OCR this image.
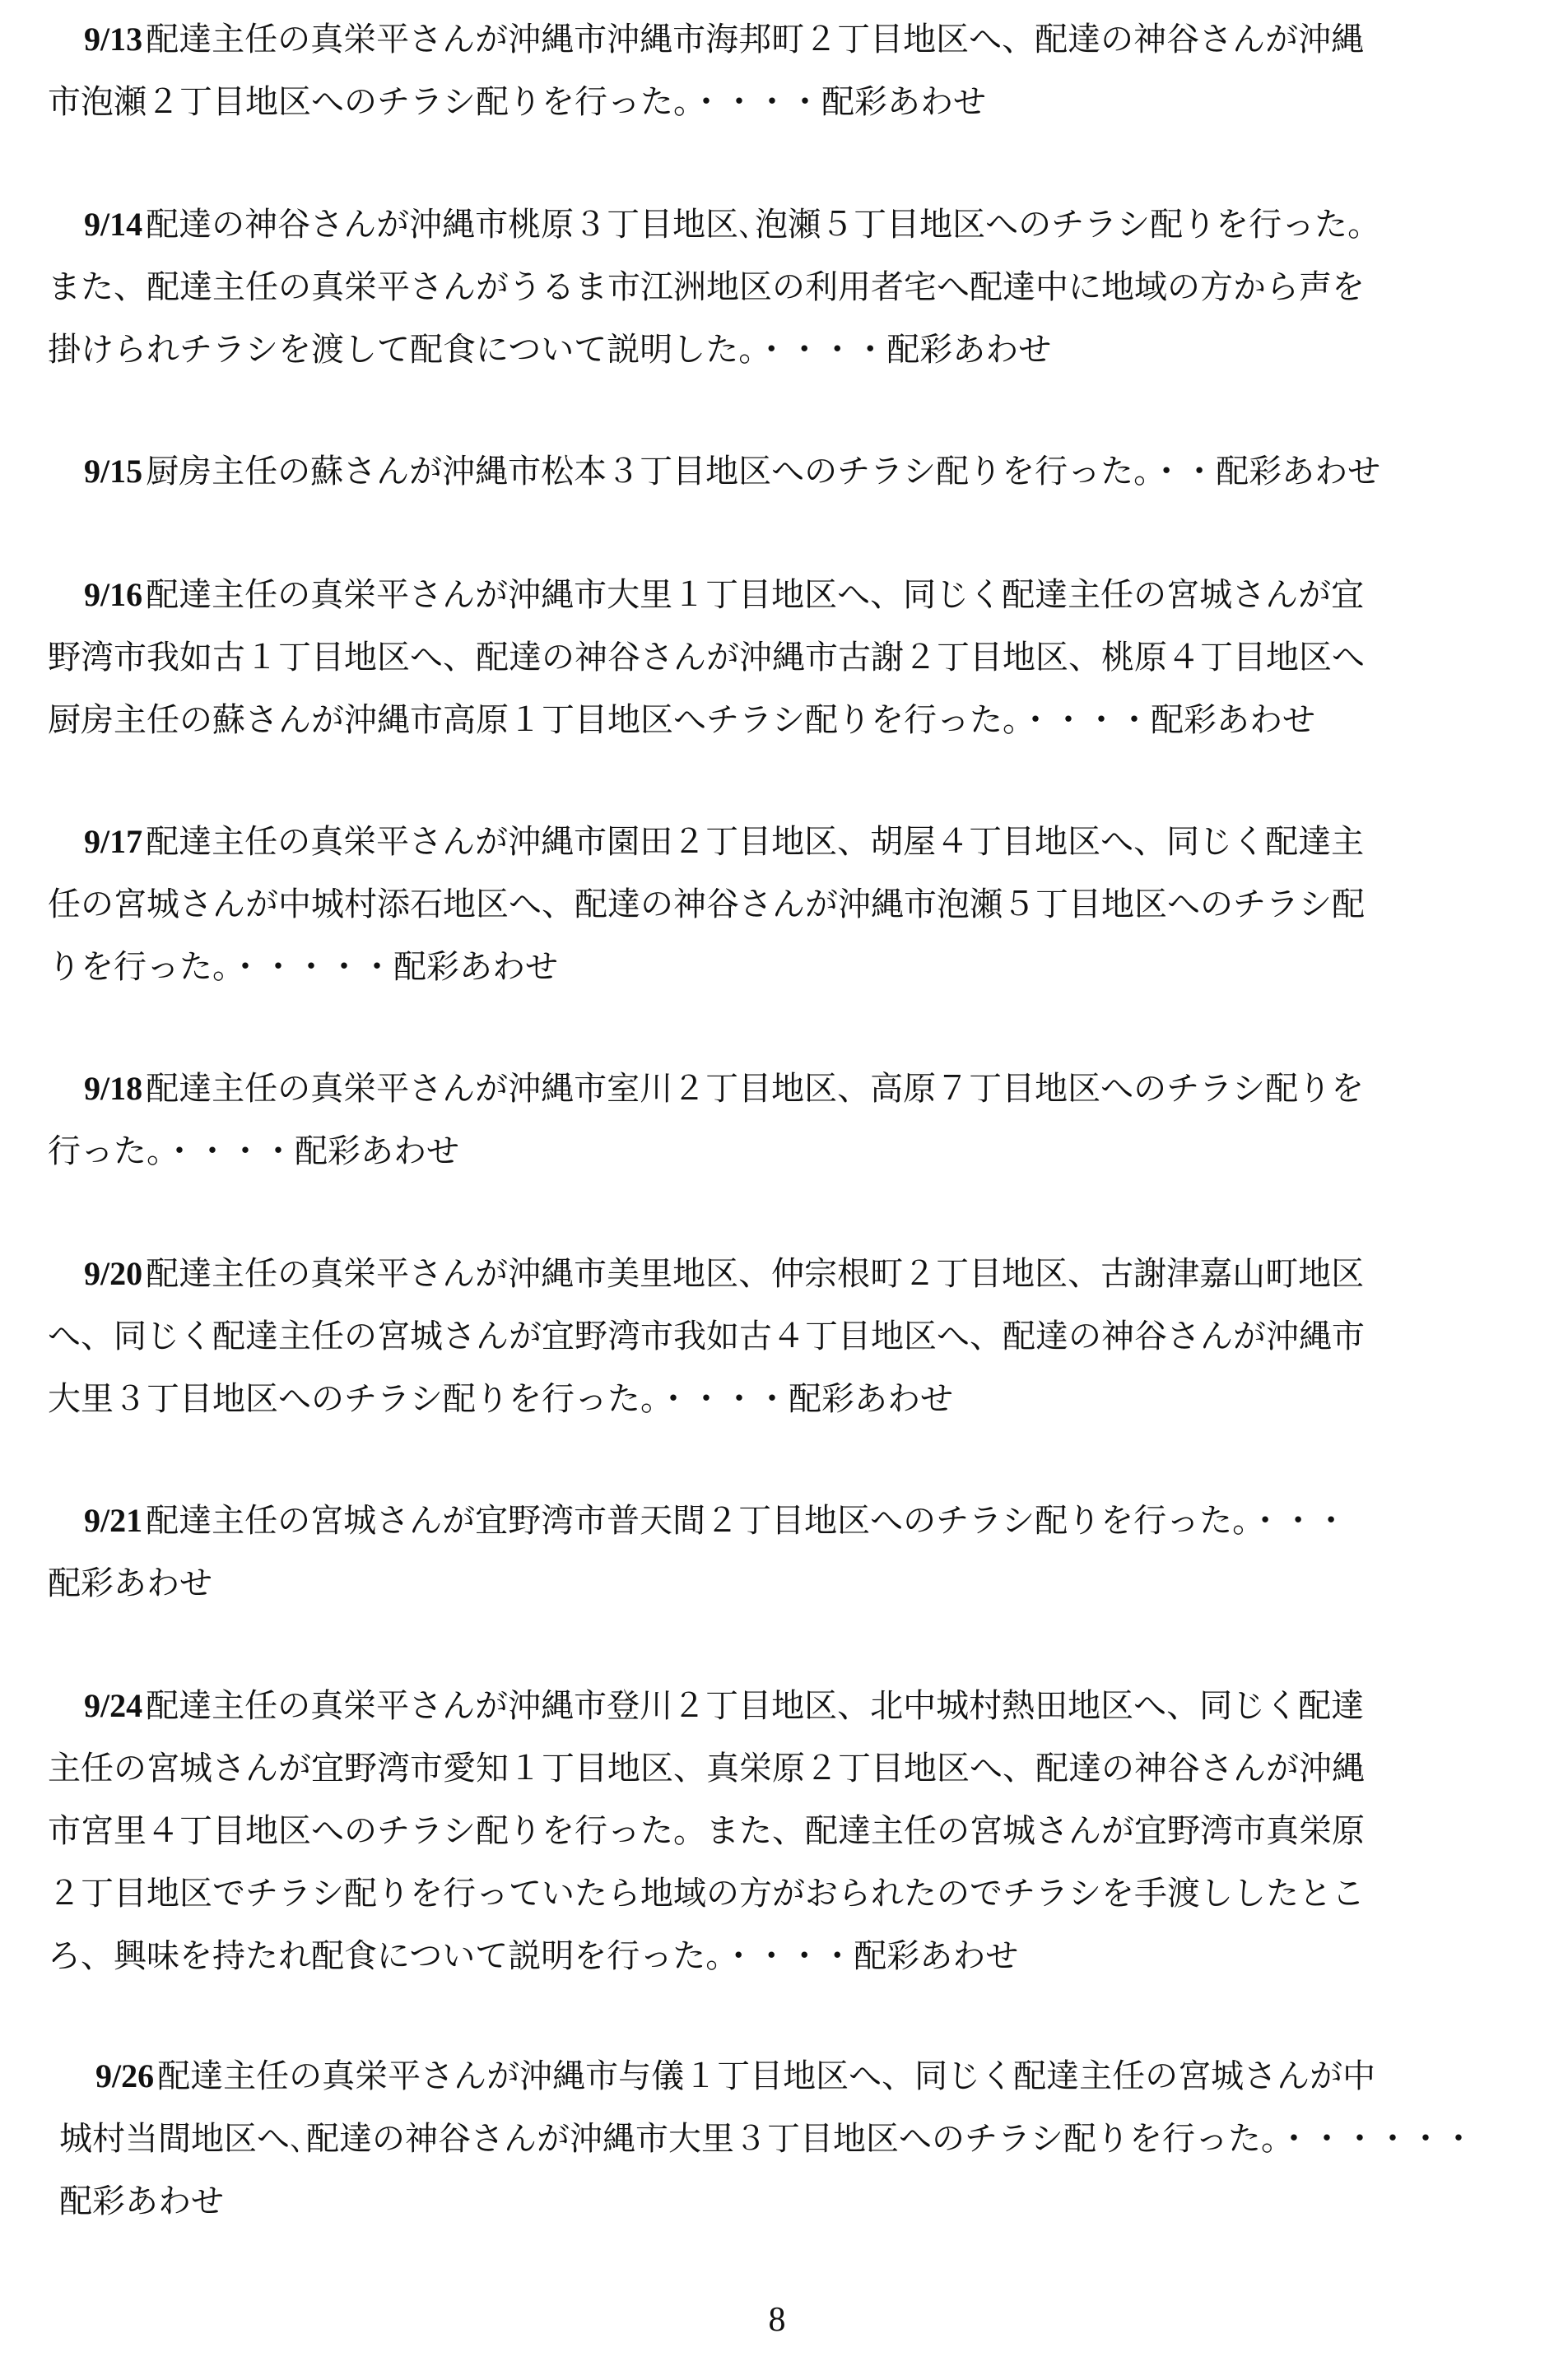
9/13 配達主任の真栄平さんが沖縄市沖縄市海邦町２丁目地区へ、配達の神谷さんが沖縄
市泡瀬２丁目地区へのチラシ配りを行った。・・・・配彩あわせ
9/14 配達の神谷さんが沖縄市桃原３丁目地区､泡瀬５丁目地区へのチラシ配りを行った。
また、配達主任の真栄平さんがうるま市江洲地区の利用者宅へ配達中に地域の方から声を
掛けられチラシを渡して配食について説明した。・・・・配彩あわせ
9/15 厨房主任の蘇さんが沖縄市松本３丁目地区へのチラシ配りを行った。・・配彩あわせ
9/16 配達主任の真栄平さんが沖縄市大里１丁目地区へ、同じく配達主任の宮城さんが宜
野湾市我如古１丁目地区へ、配達の神谷さんが沖縄市古謝２丁目地区、桃原４丁目地区へ
厨房主任の蘇さんが沖縄市高原１丁目地区へチラシ配りを行った。・・・・配彩あわせ
9/17 配達主任の真栄平さんが沖縄市園田２丁目地区、胡屋４丁目地区へ、同じく配達主
任の宮城さんが中城村添石地区へ、配達の神谷さんが沖縄市泡瀬５丁目地区へのチラシ配
りを行った。・・・・・配彩あわせ
9/18 配達主任の真栄平さんが沖縄市室川２丁目地区、高原７丁目地区へのチラシ配りを
行った。・・・・配彩あわせ
9/20 配達主任の真栄平さんが沖縄市美里地区、仲宗根町２丁目地区、古謝津嘉山町地区
へ、同じく配達主任の宮城さんが宜野湾市我如古４丁目地区へ、配達の神谷さんが沖縄市
大里３丁目地区へのチラシ配りを行った。・・・・配彩あわせ
9/21 配達主任の宮城さんが宜野湾市普天間２丁目地区へのチラシ配りを行った。・・・
配彩あわせ
9/24 配達主任の真栄平さんが沖縄市登川２丁目地区、北中城村熱田地区へ、同じく配達
主任の宮城さんが宜野湾市愛知１丁目地区、真栄原２丁目地区へ、配達の神谷さんが沖縄
市宮里４丁目地区へのチラシ配りを行った。また、配達主任の宮城さんが宜野湾市真栄原
２丁目地区でチラシ配りを行っていたら地域の方がおられたのでチラシを手渡ししたとこ
ろ、興味を持たれ配食について説明を行った。・・・・配彩あわせ
9/26 配達主任の真栄平さんが沖縄市与儀１丁目地区へ、同じく配達主任の宮城さんが中
城村当間地区へ､配達の神谷さんが沖縄市大里３丁目地区へのチラシ配りを行った。・・・・・・
配彩あわせ
8
